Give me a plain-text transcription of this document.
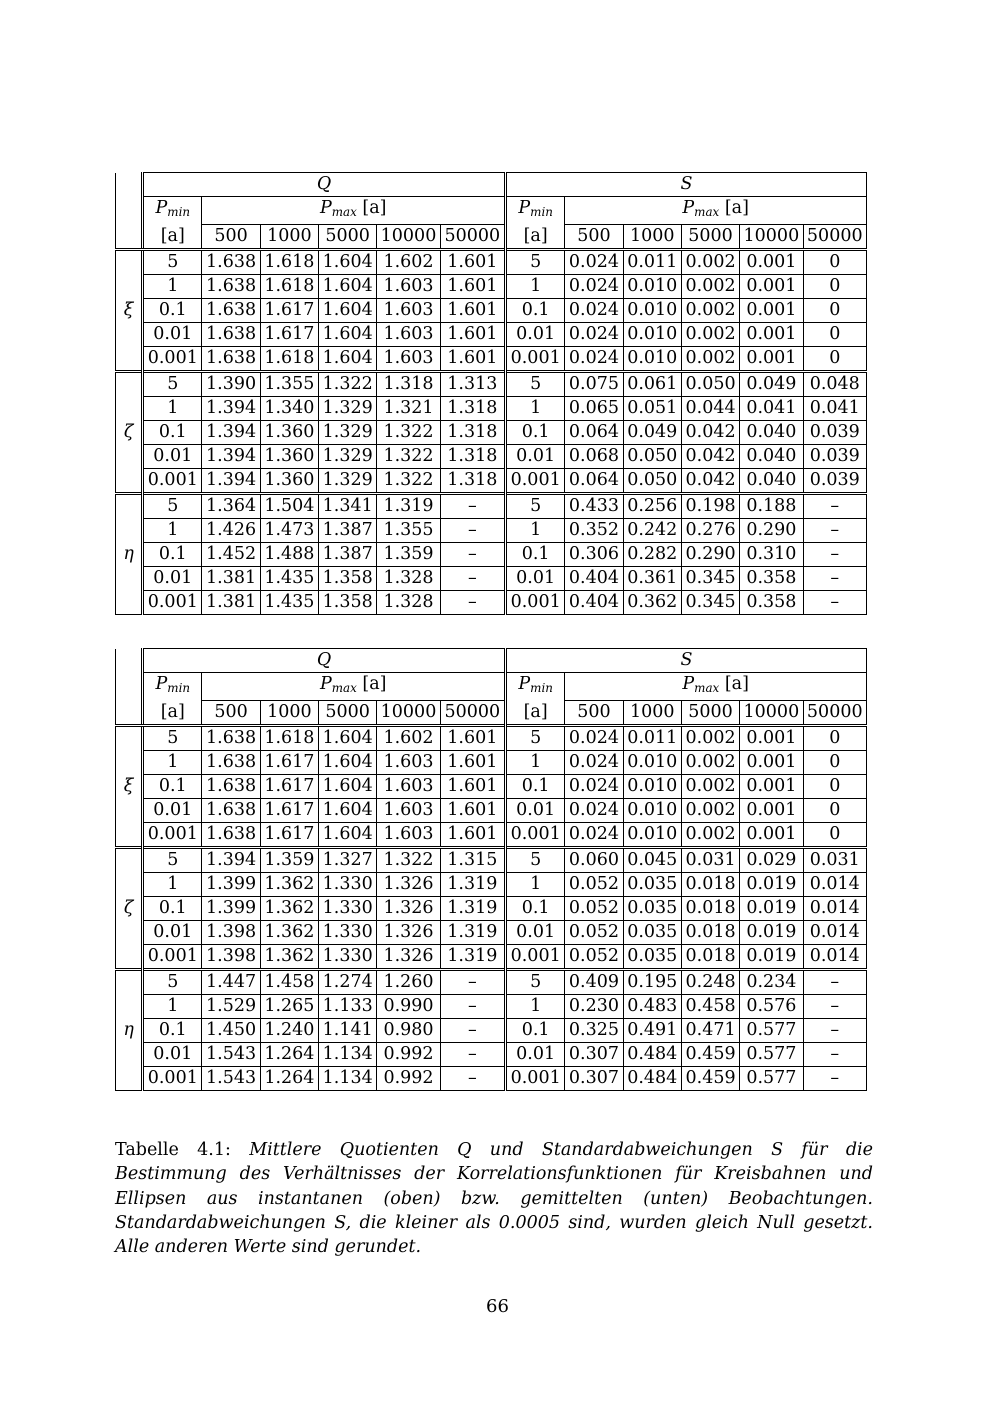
	Q						S					
	$P_{min}$	$P_{max}$ [a]					$P_{min}$	$P_{max}$ [a]				
	[a]	500	1000	5000	10000	50000	[a]	500	1000	5000	10000	50000
ξ	5	1.638	1.618	1.604	1.602	1.601	5	0.024	0.011	0.002	0.001	0
	1	1.638	1.618	1.604	1.603	1.601	1	0.024	0.010	0.002	0.001	0
	0.1	1.638	1.617	1.604	1.603	1.601	0.1	0.024	0.010	0.002	0.001	0
	0.01	1.638	1.617	1.604	1.603	1.601	0.01	0.024	0.010	0.002	0.001	0
	0.001	1.638	1.618	1.604	1.603	1.601	0.001	0.024	0.010	0.002	0.001	0
ζ	5	1.390	1.355	1.322	1.318	1.313	5	0.075	0.061	0.050	0.049	0.048
	1	1.394	1.340	1.329	1.321	1.318	1	0.065	0.051	0.044	0.041	0.041
	0.1	1.394	1.360	1.329	1.322	1.318	0.1	0.064	0.049	0.042	0.040	0.039
	0.01	1.394	1.360	1.329	1.322	1.318	0.01	0.068	0.050	0.042	0.040	0.039
	0.001	1.394	1.360	1.329	1.322	1.318	0.001	0.064	0.050	0.042	0.040	0.039
η	5	1.364	1.504	1.341	1.319	–	5	0.433	0.256	0.198	0.188	–
	1	1.426	1.473	1.387	1.355	–	1	0.352	0.242	0.276	0.290	–
	0.1	1.452	1.488	1.387	1.359	–	0.1	0.306	0.282	0.290	0.310	–
	0.01	1.381	1.435	1.358	1.328	–	0.01	0.404	0.361	0.345	0.358	–
	0.001	1.381	1.435	1.358	1.328	–	0.001	0.404	0.362	0.345	0.358	–
	Q						S					
	$P_{min}$	$P_{max}$ [a]					$P_{min}$	$P_{max}$ [a]				
	[a]	500	1000	5000	10000	50000	[a]	500	1000	5000	10000	50000
ξ	5	1.638	1.618	1.604	1.602	1.601	5	0.024	0.011	0.002	0.001	0
	1	1.638	1.617	1.604	1.603	1.601	1	0.024	0.010	0.002	0.001	0
	0.1	1.638	1.617	1.604	1.603	1.601	0.1	0.024	0.010	0.002	0.001	0
	0.01	1.638	1.617	1.604	1.603	1.601	0.01	0.024	0.010	0.002	0.001	0
	0.001	1.638	1.617	1.604	1.603	1.601	0.001	0.024	0.010	0.002	0.001	0
ζ	5	1.394	1.359	1.327	1.322	1.315	5	0.060	0.045	0.031	0.029	0.031
	1	1.399	1.362	1.330	1.326	1.319	1	0.052	0.035	0.018	0.019	0.014
	0.1	1.399	1.362	1.330	1.326	1.319	0.1	0.052	0.035	0.018	0.019	0.014
	0.01	1.398	1.362	1.330	1.326	1.319	0.01	0.052	0.035	0.018	0.019	0.014
	0.001	1.398	1.362	1.330	1.326	1.319	0.001	0.052	0.035	0.018	0.019	0.014
η	5	1.447	1.458	1.274	1.260	–	5	0.409	0.195	0.248	0.234	–
	1	1.529	1.265	1.133	0.990	–	1	0.230	0.483	0.458	0.576	–
	0.1	1.450	1.240	1.141	0.980	–	0.1	0.325	0.491	0.471	0.577	–
	0.01	1.543	1.264	1.134	0.992	–	0.01	0.307	0.484	0.459	0.577	–
	0.001	1.543	1.264	1.134	0.992	–	0.001	0.307	0.484	0.459	0.577	–
Tabelle 4.1: Mittlere Quotienten Q und Standardabweichungen S für die Bestimmung des Verhältnisses der Korrelationsfunktionen für Kreisbahnen und Ellipsen aus instantanen (oben) bzw. gemittelten (unten) Beobachtungen. Standardabweichungen S, die kleiner als 0.0005 sind, wurden gleich Null gesetzt. Alle anderen Werte sind gerundet.
66
